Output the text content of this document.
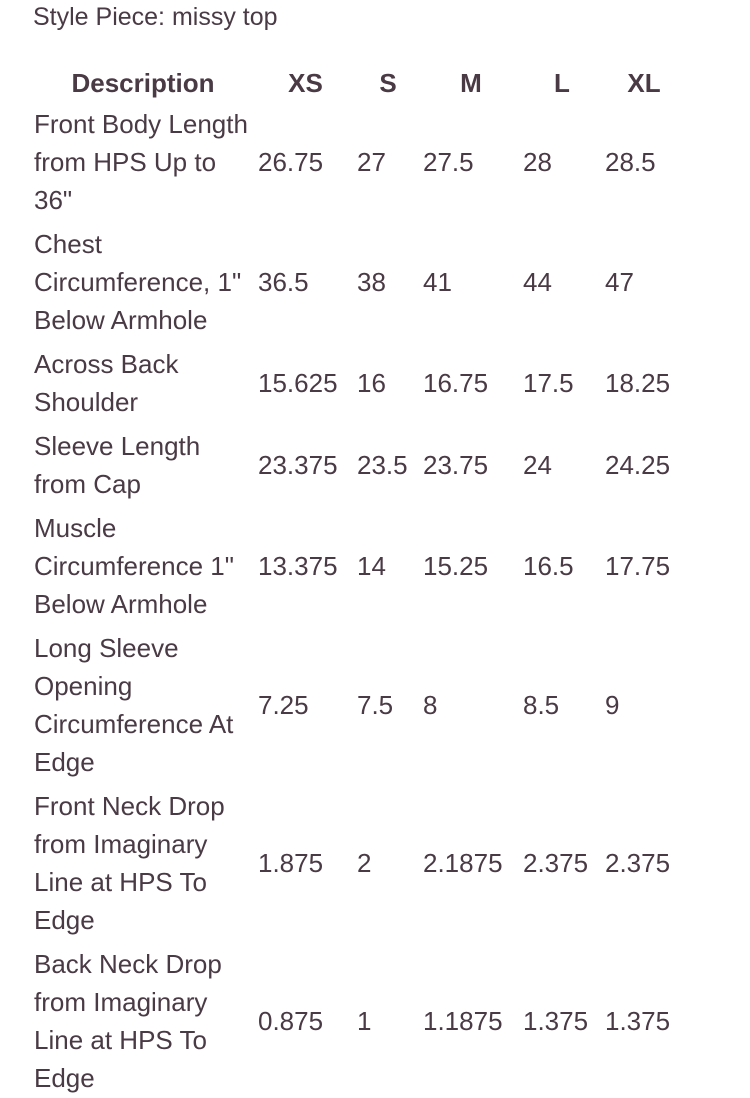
Style Piece: missy top
Description	XS	S	M	L	XL

Front Body Length from HPS Up to 36"	26.75	27	27.5	28	28.5

Chest Circumference, 1" Below Armhole	36.5	38	41	44	47

Across Back Shoulder	15.625	16	16.75	17.5	18.25

Sleeve Length from Cap	23.375	23.5	23.75	24	24.25

Muscle Circumference 1" Below Armhole	13.375	14	15.25	16.5	17.75

Long Sleeve Opening Circumference At Edge	7.25	7.5	8	8.5	9

Front Neck Drop from Imaginary Line at HPS To Edge	1.875	2	2.1875	2.375	2.375

Back Neck Drop from Imaginary Line at HPS To Edge	0.875	1	1.1875	1.375	1.375
